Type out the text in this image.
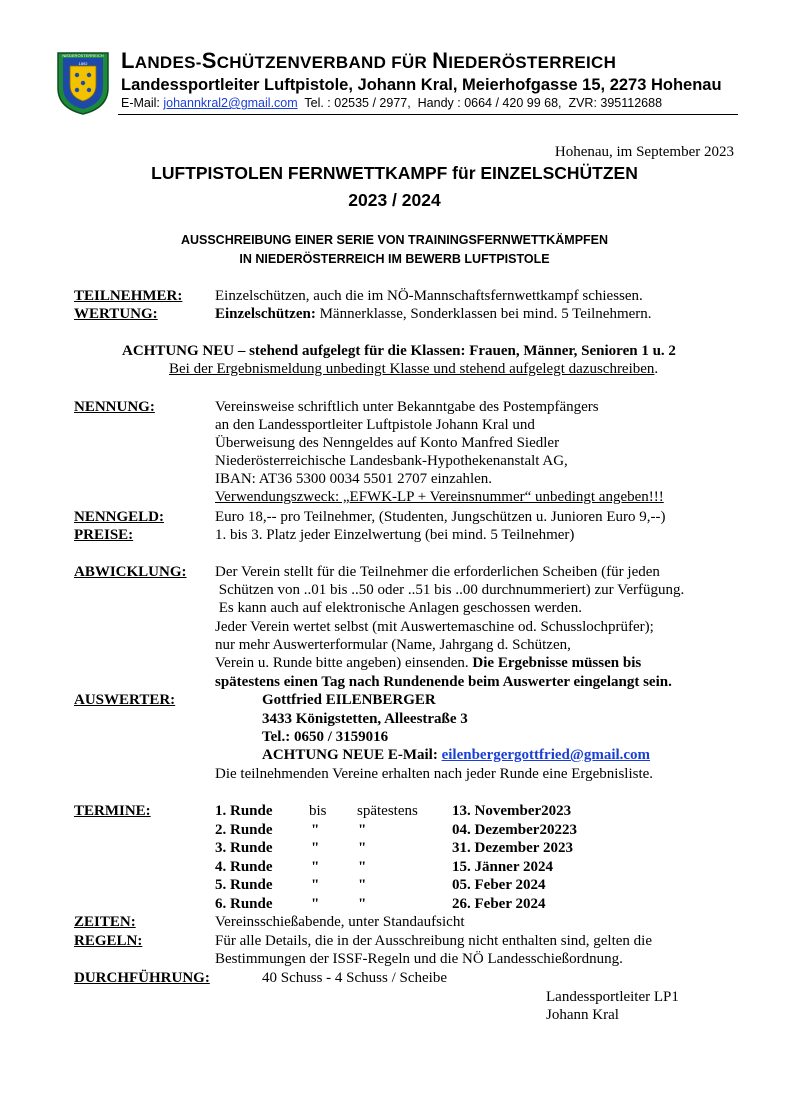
NIEDERÖSTERREICH
1892 LANDES-SCHÜTZENVERBAND FÜR NIEDERÖSTERREICH
Landessportleiter Luftpistole, Johann Kral, Meierhofgasse 15, 2273 Hohenau
E-Mail: johannkral2@gmail.com  Tel. : 02535 / 2977,  Handy : 0664 / 420 99 68,  ZVR: 395112688
Hohenau, im September 2023
LUFTPISTOLEN FERNWETTKAMPF für EINZELSCHÜTZEN
2023 / 2024
AUSSCHREIBUNG EINER SERIE VON TRAININGSFERNWETTKÄMPFEN
IN NIEDERÖSTERREICH IM BEWERB LUFTPISTOLE
TEILNEHMER: Einzelschützen, auch die im NÖ-Mannschaftsfernwettkampf schiessen.
WERTUNG:	Einzelschützen: Männerklasse, Sonderklassen bei mind. 5 Teilnehmern.
ACHTUNG NEU – stehend aufgelegt für die Klassen: Frauen, Männer, Senioren 1 u. 2
Bei der Ergebnismeldung unbedingt Klasse und stehend aufgelegt dazuschreiben.
NENNUNG:	Vereinsweise schriftlich unter Bekanntgabe des Postempfängers
an den Landessportleiter Luftpistole Johann Kral und
Überweisung des Nenngeldes auf Konto Manfred Siedler
Niederösterreichische Landesbank-Hypothekenanstalt AG,
IBAN: AT36 5300 0034 5501 2707 einzahlen.
Verwendungszweck: „EFWK-LP + Vereinsnummer“ unbedingt angeben!!!
NENNGELD:	Euro 18,-- pro Teilnehmer, (Studenten, Jungschützen u. Junioren Euro 9,--)
PREISE:	1. bis 3. Platz jeder Einzelwertung (bei mind. 5 Teilnehmer)
ABWICKLUNG: Der Verein stellt für die Teilnehmer die erforderlichen Scheiben (für jeden
Schützen von ..01 bis ..50 oder ..51 bis ..00 durchnummeriert) zur Verfügung.
Es kann auch auf elektronische Anlagen geschossen werden.
Jeder Verein wertet selbst (mit Auswertemaschine od. Schusslochprüfer);
nur mehr Auswerterformular (Name, Jahrgang d. Schützen,
Verein u. Runde bitte angeben) einsenden. Die Ergebnisse müssen bis
spätestens einen Tag nach Rundenende beim Auswerter eingelangt sein.
AUSWERTER:	Gottfried EILENBERGER
3433 Königstetten, Alleestraße 3
Tel.: 0650 / 3159016
ACHTUNG NEUE E-Mail: eilenbergergottfried@gmail.com
Die teilnehmenden Vereine erhalten nach jeder Runde eine Ergebnisliste.
TERMINE:	1. Runde bis spätestens 13. November2023
2. Runde	"	"	04. Dezember20223
3. Runde	"	"	31. Dezember 2023
4. Runde	"	"	15. Jänner 2024
5. Runde	"	"	05. Feber 2024
6. Runde	"	"	26. Feber 2024
ZEITEN:	Vereinsschießabende, unter Standaufsicht
REGELN:	Für alle Details, die in der Ausschreibung nicht enthalten sind, gelten die
Bestimmungen der ISSF-Regeln und die NÖ Landesschießordnung.
DURCHFÜHRUNG:	40 Schuss - 4 Schuss / Scheibe
Landessportleiter LP1
Johann Kral
